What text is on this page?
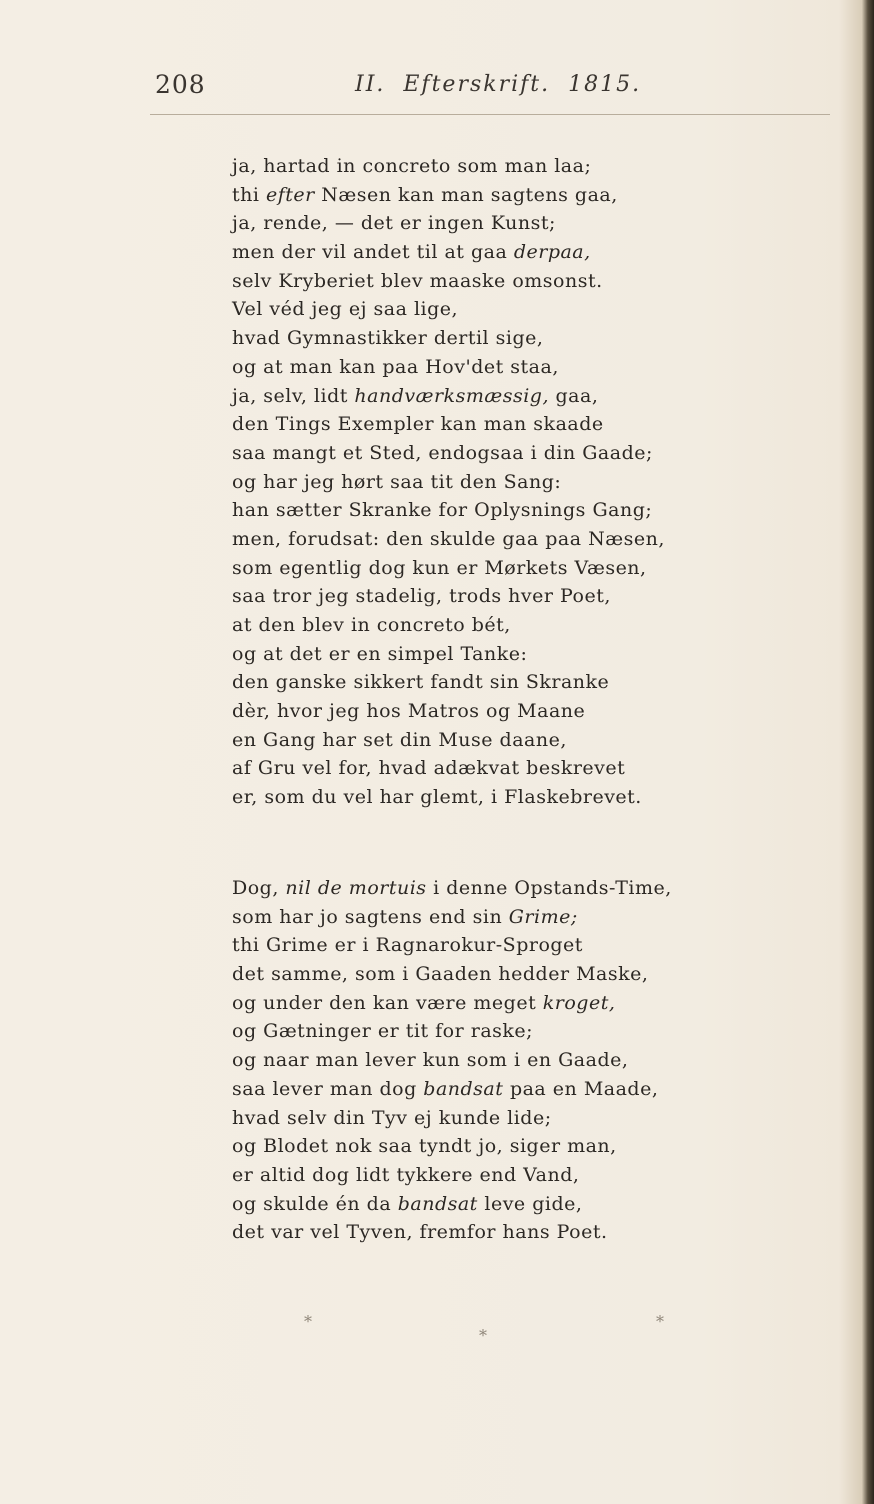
208	II. Efterskrift. 1815.
ja, hartad in concreto som man laa;
thi efter Næsen kan man sagtens gaa,
ja, rende, — det er ingen Kunst;
men der vil andet til at gaa derpaa,
selv Kryberiet blev maaske omsonst.
Vel véd jeg ej saa lige,
hvad Gymnastikker dertil sige,
og at man kan paa Hov'det staa,
ja, selv, lidt handværksmæssig, gaa,
den Tings Exempler kan man skaade
saa mangt et Sted, endogsaa i din Gaade;
og har jeg hørt saa tit den Sang:
han sætter Skranke for Oplysnings Gang;
men, forudsat: den skulde gaa paa Næsen,
som egentlig dog kun er Mørkets Væsen,
saa tror jeg stadelig, trods hver Poet,
at den blev in concreto bét,
og at det er en simpel Tanke:
den ganske sikkert fandt sin Skranke
dèr, hvor jeg hos Matros og Maane
en Gang har set din Muse daane,
af Gru vel for, hvad adækvat beskrevet
er, som du vel har glemt, i Flaskebrevet.
Dog, nil de mortuis i denne Opstands-Time,
som har jo sagtens end sin Grime;
thi Grime er i Ragnarokur-Sproget
det samme, som i Gaaden hedder Maske,
og under den kan være meget kroget,
og Gætninger er tit for raske;
og naar man lever kun som i en Gaade,
saa lever man dog bandsat paa en Maade,
hvad selv din Tyv ej kunde lide;
og Blodet nok saa tyndt jo, siger man,
er altid dog lidt tykkere end Vand,
og skulde én da bandsat leve gide,
det var vel Tyven, fremfor hans Poet.
*	*
*
